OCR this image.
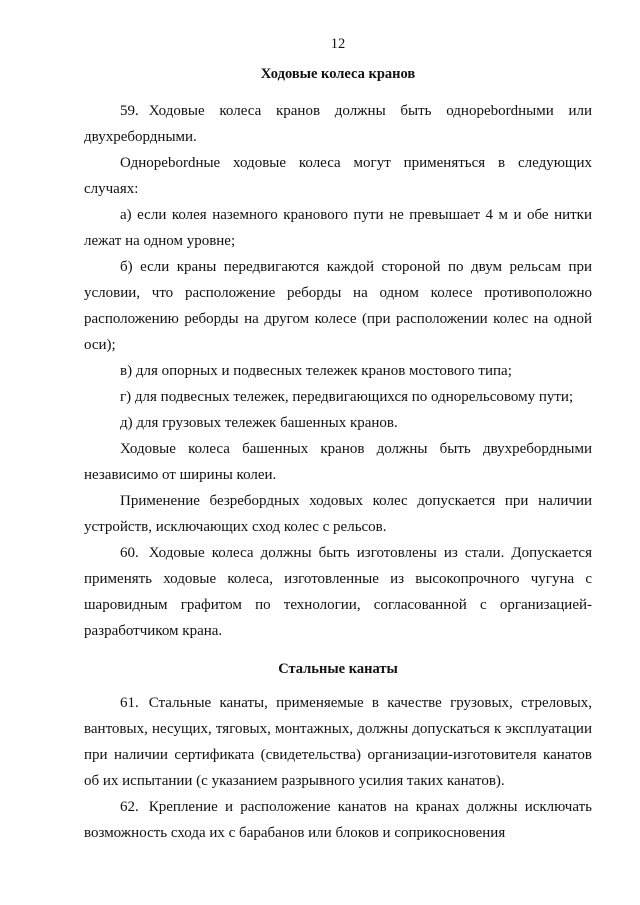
12
Ходовые колеса кранов

59. Ходовые колеса кранов должны быть однорebordными или двухребордными.

Однорebordные ходовые колеса могут применяться в следующих случаях:

а) если колея наземного кранового пути не превышает 4 м и обе нитки лежат на одном уровне;

б) если краны передвигаются каждой стороной по двум рельсам при условии, что расположение реборды на одном колесе противоположно расположению реборды на другом колесе (при расположении колес на одной оси);

в) для опорных и подвесных тележек кранов мостового типа;

г) для подвесных тележек, передвигающихся по однорельсовому пути;

д) для грузовых тележек башенных кранов.

Ходовые колеса башенных кранов должны быть двухребордными независимо от ширины колеи.

Применение безребордных ходовых колес допускается при наличии устройств, исключающих сход колес с рельсов.

60. Ходовые колеса должны быть изготовлены из стали. Допускается применять ходовые колеса, изготовленные из высокопрочного чугуна с шаровидным графитом по технологии, согласованной с организацией-разработчиком крана.

Стальные канаты

61. Стальные канаты, применяемые в качестве грузовых, стреловых, вантовых, несущих, тяговых, монтажных, должны допускаться к эксплуатации при наличии сертификата (свидетельства) организации-изготовителя канатов об их испытании (с указанием разрывного усилия таких канатов).

62. Крепление и расположение канатов на кранах должны исключать возможность схода их с барабанов или блоков и соприкосновения
